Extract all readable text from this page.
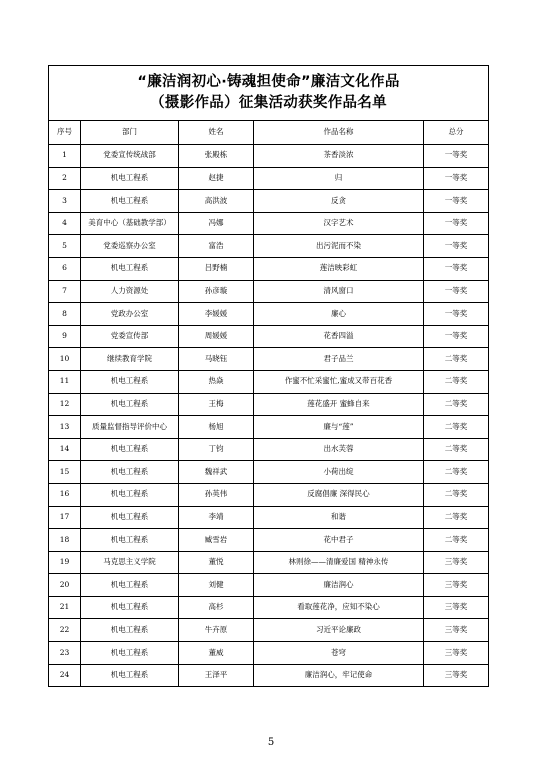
“廉洁润初心·铸魂担使命”廉洁文化作品
（摄影作品）征集活动获奖作品名单				

序号	部门	姓名	作品名称	总分
1	党委宣传统战部	张殿栋	茶香淡浓	一等奖
2	机电工程系	赵捷	归	一等奖
3	机电工程系	高洪波	反贪	一等奖
4	美育中心（基础教学部）	冯娜	汉字艺术	一等奖
5	党委巡察办公室	富浩	出污泥而不染	一等奖
6	机电工程系	吕野楠	莲洁映彩虹	一等奖
7	人力资源处	孙彦璇	清风窗口	一等奖
8	党政办公室	李媛媛	廉心	一等奖
9	党委宣传部	周媛媛	花香四溢	一等奖
10	继续教育学院	马晓钰	君子品兰	二等奖
11	机电工程系	热焱	作蜜不忙采蜜忙,蜜成又带百花香	二等奖
12	机电工程系	王梅	莲花盛开 蜜蜂自来	二等奖
13	质量监督指导评价中心	杨旭	廉与“莲”	二等奖
14	机电工程系	丁钧	出水芙蓉	二等奖
15	机电工程系	魏祥武	小荷出绽	二等奖
16	机电工程系	孙英伟	反腐倡廉 深得民心	二等奖
17	机电工程系	李靖	和谐	二等奖
18	机电工程系	臧雪岩	花中君子	二等奖
19	马克思主义学院	董悦	林则徐——清廉爱国 精神永传	三等奖
20	机电工程系	刘健	廉洁润心	三等奖
21	机电工程系	高杉	看取莲花净，应知不染心	三等奖
22	机电工程系	牛卉原	习近平论廉政	三等奖
23	机电工程系	董威	苍穹	三等奖
24	机电工程系	王泽平	廉洁润心，牢记使命	三等奖
5
